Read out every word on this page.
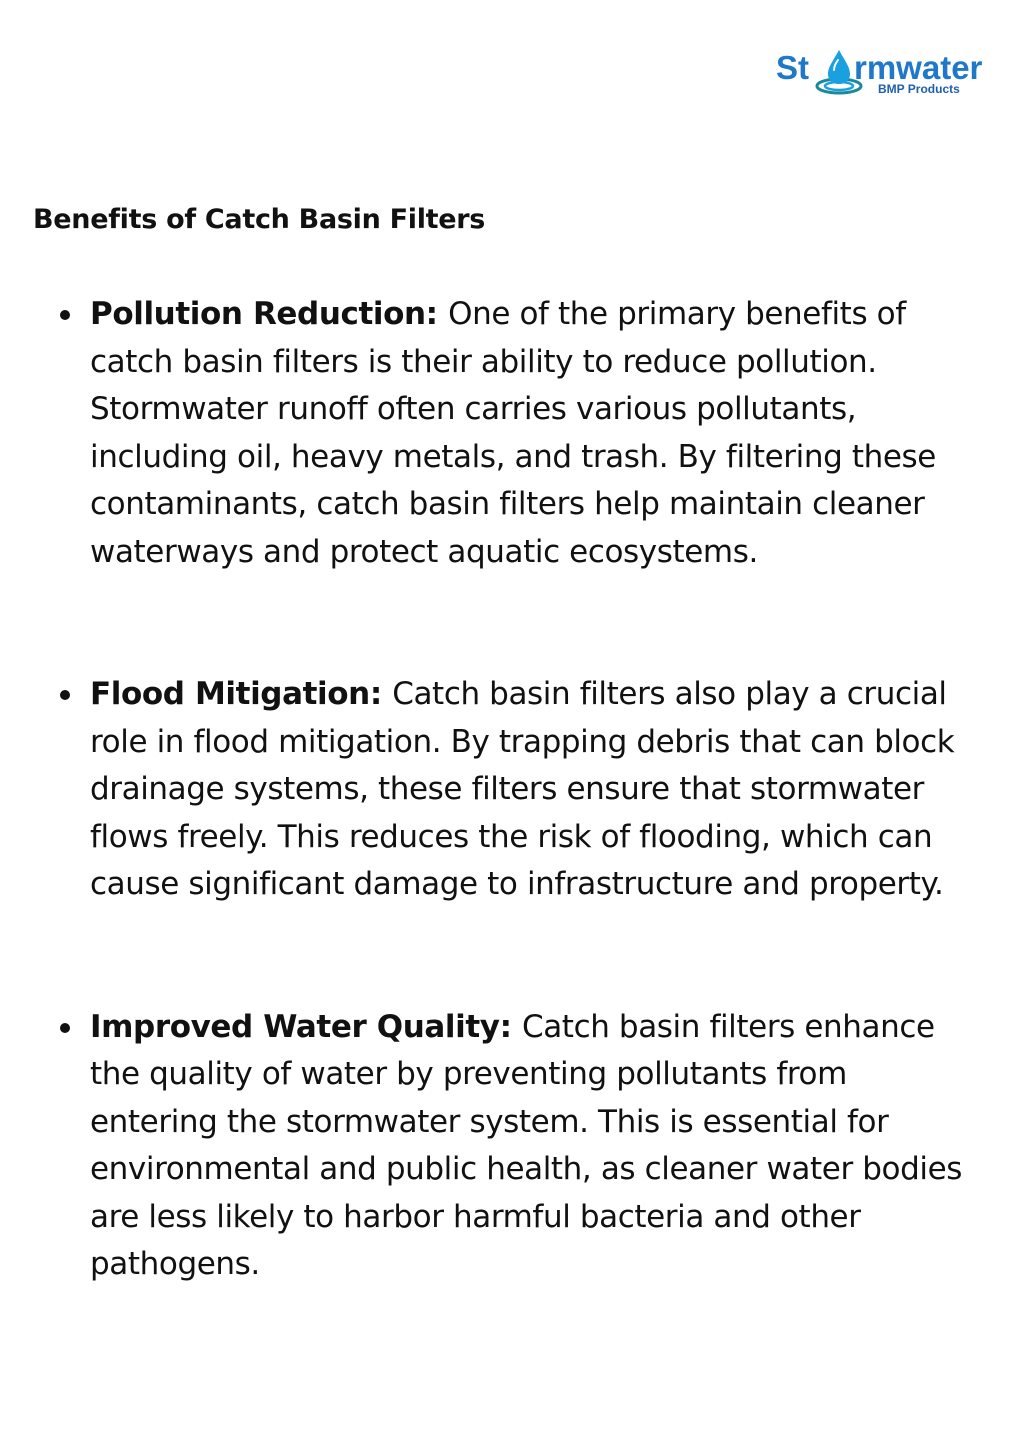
St rmwater
BMP Products
Benefits of Catch Basin Filters
Pollution Reduction: One of the primary benefits of catch basin filters is their ability to reduce pollution. Stormwater runoff often carries various pollutants, including oil, heavy metals, and trash. By filtering these contaminants, catch basin filters help maintain cleaner waterways and protect aquatic ecosystems.
Flood Mitigation: Catch basin filters also play a crucial role in flood mitigation. By trapping debris that can block drainage systems, these filters ensure that stormwater flows freely. This reduces the risk of flooding, which can cause significant damage to infrastructure and property.
Improved Water Quality: Catch basin filters enhance the quality of water by preventing pollutants from entering the stormwater system. This is essential for environmental and public health, as cleaner water bodies are less likely to harbor harmful bacteria and other pathogens.
